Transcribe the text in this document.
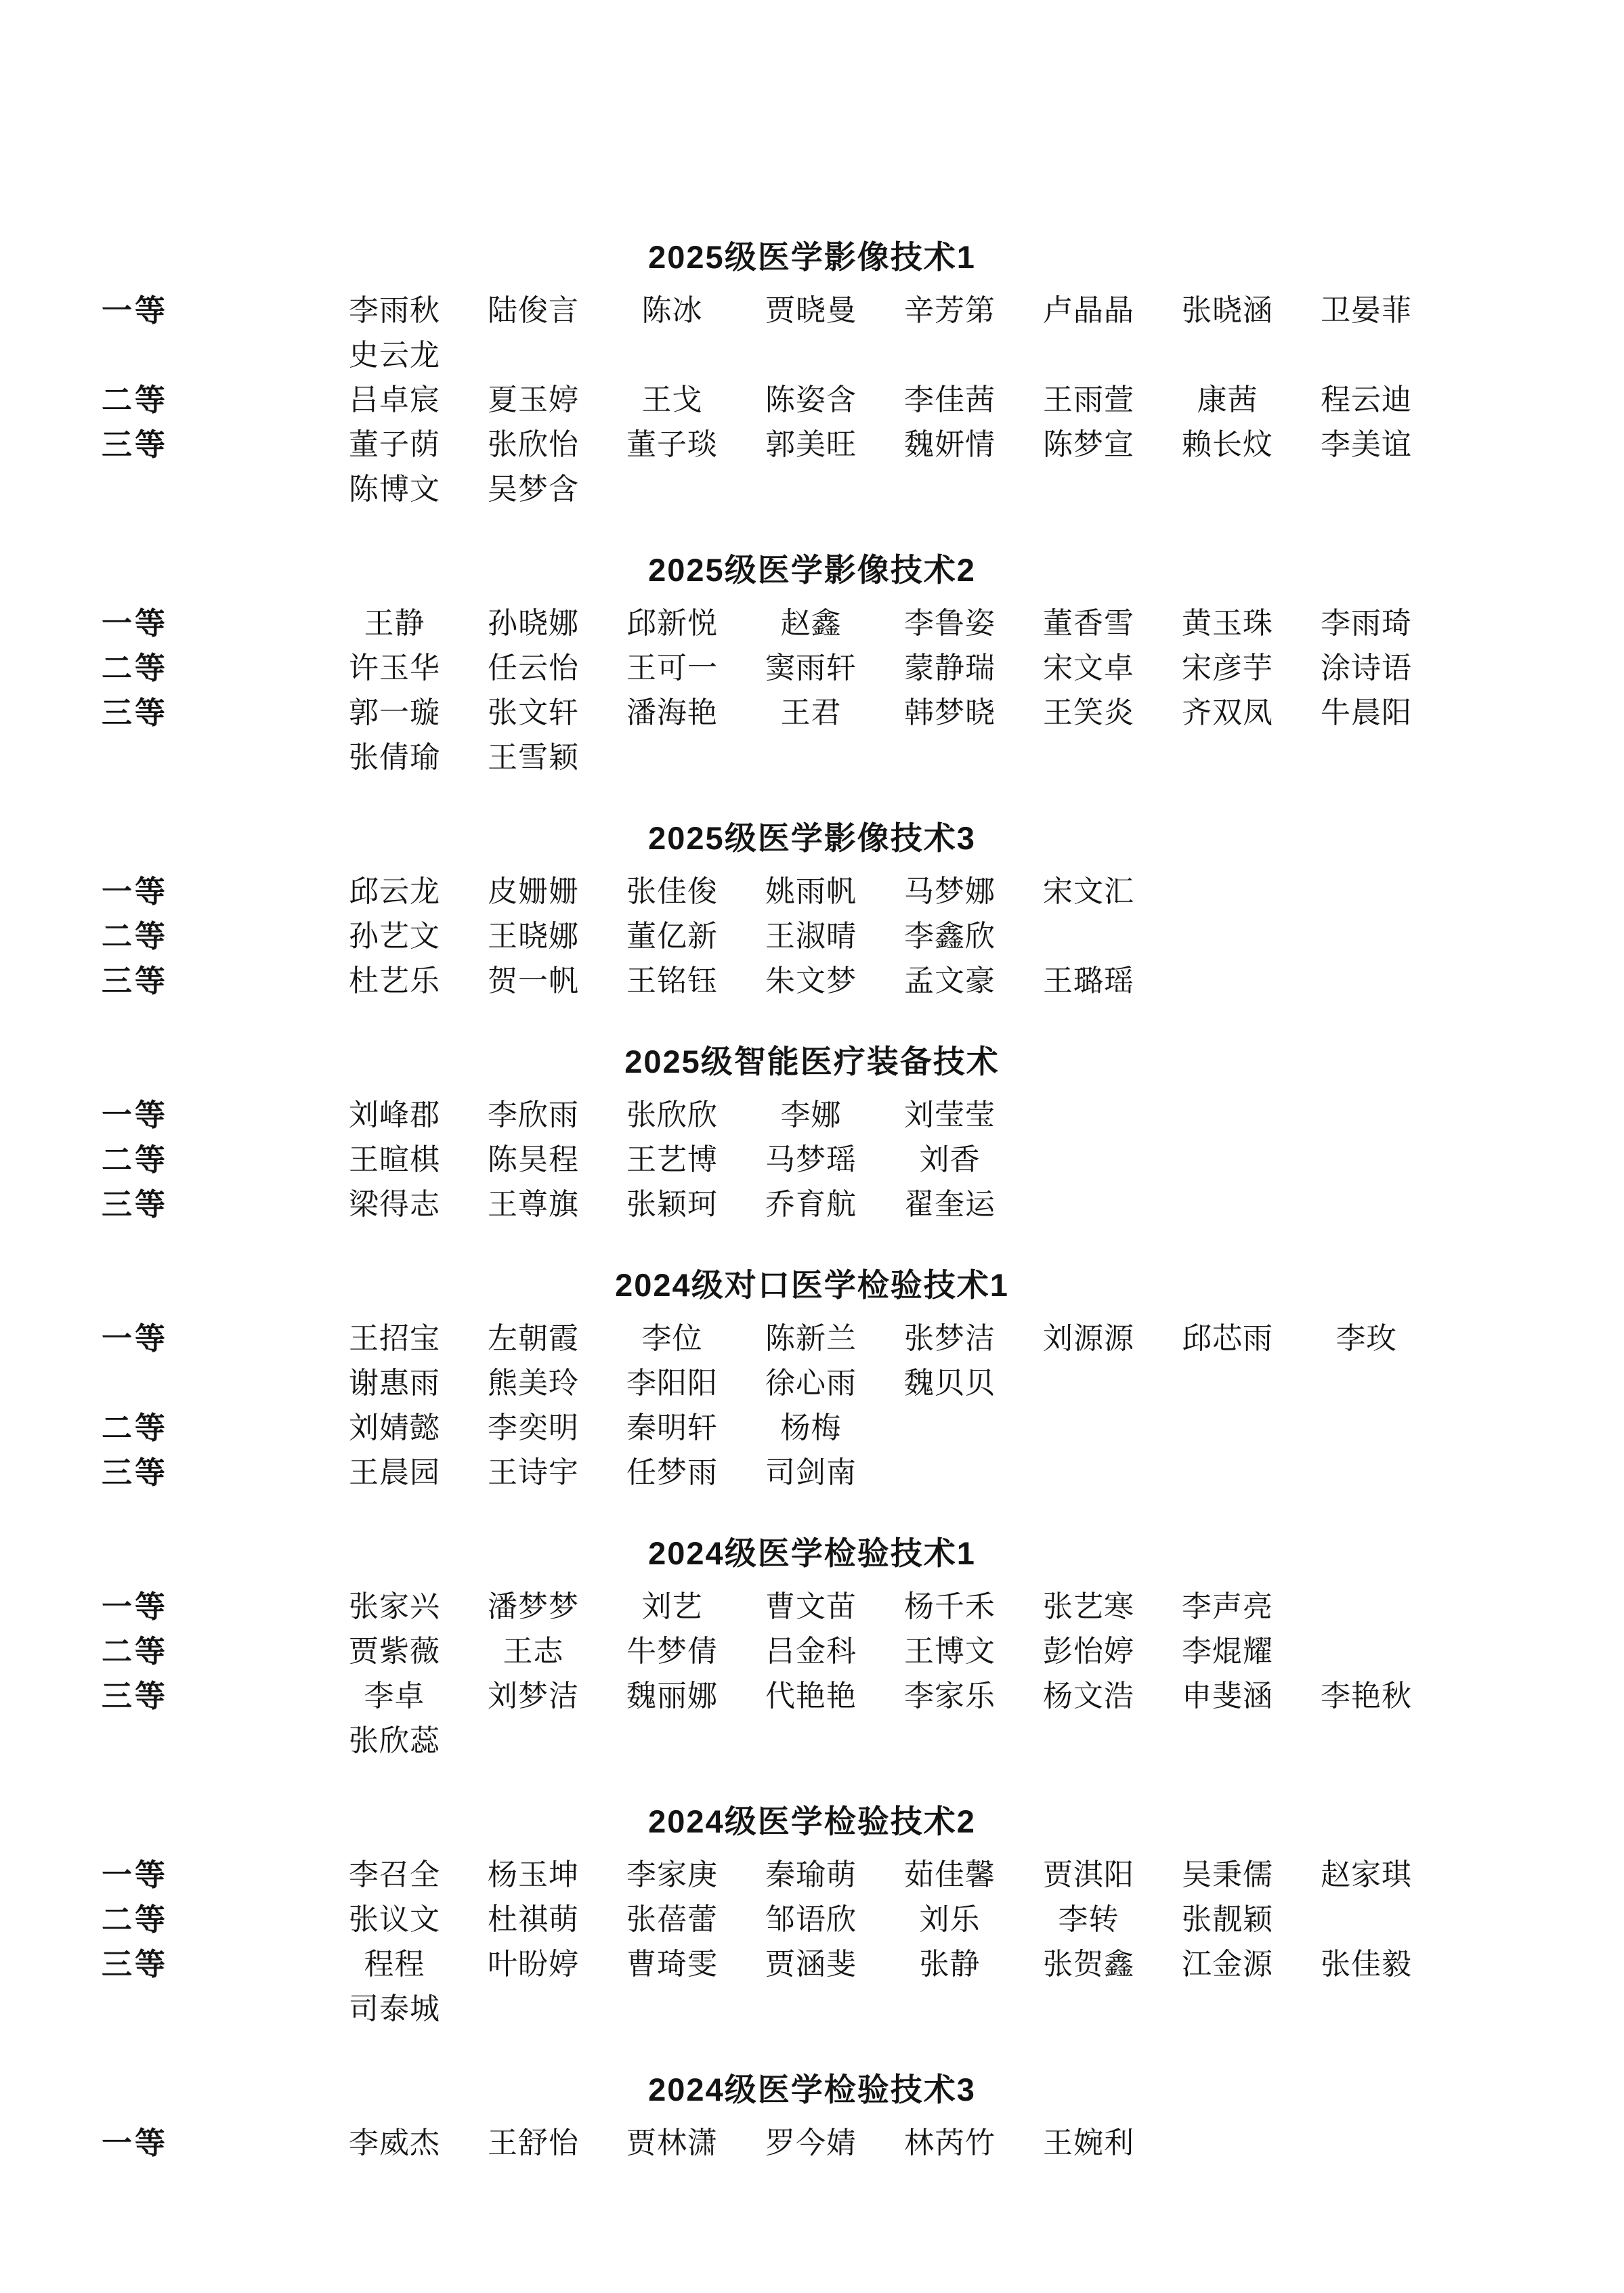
2025级医学影像技术1
一等	李雨秋	陆俊言	陈冰	贾晓曼	辛芳第	卢晶晶	张晓涵	卫晏菲
史云龙
二等	吕卓宸	夏玉婷	王戈	陈姿含	李佳茜	王雨萱	康茜	程云迪
三等	董子荫	张欣怡	董子琰	郭美旺	魏妍情	陈梦宣	赖长炆	李美谊
陈博文	吴梦含
2025级医学影像技术2
一等	王静	孙晓娜	邱新悦	赵鑫	李鲁姿	董香雪	黄玉珠	李雨琦
二等	许玉华	任云怡	王可一	窦雨轩	蒙静瑞	宋文卓	宋彦芋	涂诗语
三等	郭一璇	张文轩	潘海艳	王君	韩梦晓	王笑炎	齐双凤	牛晨阳
张倩瑜	王雪颖
2025级医学影像技术3
一等	邱云龙	皮姗姗	张佳俊	姚雨帆	马梦娜	宋文汇
二等	孙艺文	王晓娜	董亿新	王淑晴	李鑫欣
三等	杜艺乐	贺一帆	王铭钰	朱文梦	孟文豪	王璐瑶
2025级智能医疗装备技术
一等	刘峰郡	李欣雨	张欣欣	李娜	刘莹莹
二等	王暄棋	陈昊程	王艺博	马梦瑶	刘香
三等	梁得志	王尊旗	张颖珂	乔育航	翟奎运
2024级对口医学检验技术1
一等	王招宝	左朝霞	李位	陈新兰	张梦洁	刘源源	邱芯雨	李玫
谢惠雨	熊美玲	李阳阳	徐心雨	魏贝贝
二等	刘婧懿	李奕明	秦明轩	杨梅
三等	王晨园	王诗宇	任梦雨	司剑南
2024级医学检验技术1
一等	张家兴	潘梦梦	刘艺	曹文苗	杨千禾	张艺寒	李声亮
二等	贾紫薇	王志	牛梦倩	吕金科	王博文	彭怡婷	李焜耀
三等	李卓	刘梦洁	魏丽娜	代艳艳	李家乐	杨文浩	申斐涵	李艳秋
张欣蕊
2024级医学检验技术2
一等	李召全	杨玉坤	李家庚	秦瑜萌	茹佳馨	贾淇阳	吴秉儒	赵家琪
二等	张议文	杜祺萌	张蓓蕾	邹语欣	刘乐	李转	张靓颖
三等	程程	叶盼婷	曹琦雯	贾涵斐	张静	张贺鑫	江金源	张佳毅
司泰城
2024级医学检验技术3
一等	李威杰	王舒怡	贾林潇	罗今婧	林芮竹	王婉利
